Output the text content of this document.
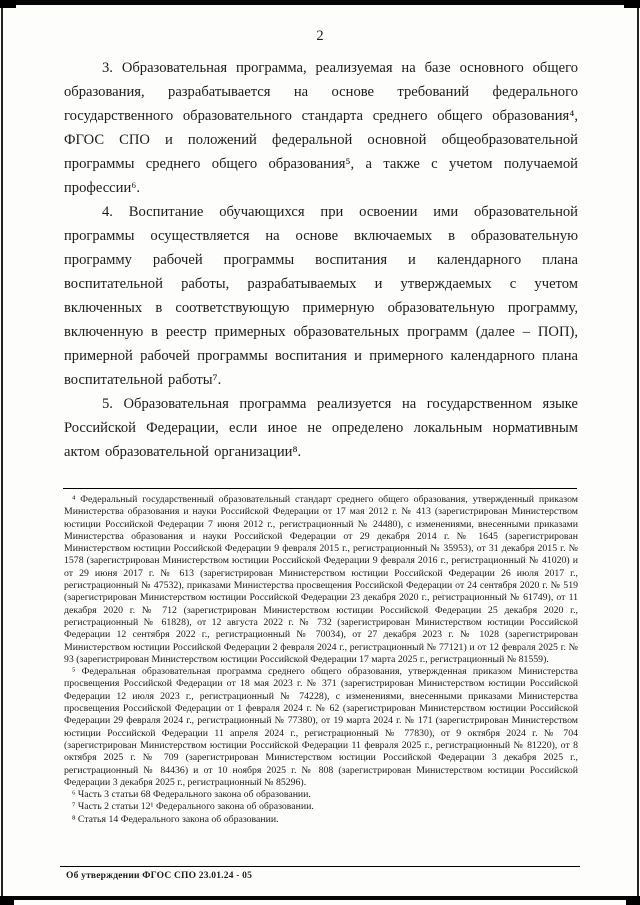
2

3. Образовательная программа, реализуемая на базе основного общего образования, разрабатывается на основе требований федерального государственного образовательного стандарта среднего общего образования⁴, ФГОС СПО и положений федеральной основной общеобразовательной программы среднего общего образования⁵, а также с учетом получаемой профессии⁶.

4. Воспитание обучающихся при освоении ими образовательной программы осуществляется на основе включаемых в образовательную программу рабочей программы воспитания и календарного плана воспитательной работы, разрабатываемых и утверждаемых с учетом включенных в соответствующую примерную образовательную программу, включенную в реестр примерных образовательных программ (далее – ПОП), примерной рабочей программы воспитания и примерного календарного плана воспитательной работы⁷.

5. Образовательная программа реализуется на государственном языке Российской Федерации, если иное не определено локальным нормативным актом образовательной организации⁸.

⁴ Федеральный государственный образовательный стандарт среднего общего образования, утвержденный приказом Министерства образования и науки Российской Федерации от 17 мая 2012 г. № 413 (зарегистрирован Министерством юстиции Российской Федерации 7 июня 2012 г., регистрационный № 24480), с изменениями, внесенными приказами Министерства образования и науки Российской Федерации от 29 декабря 2014 г. № 1645 (зарегистрирован Министерством юстиции Российской Федерации 9 февраля 2015 г., регистрационный № 35953), от 31 декабря 2015 г. № 1578 (зарегистрирован Министерством юстиции Российской Федерации 9 февраля 2016 г., регистрационный № 41020) и от 29 июня 2017 г. № 613 (зарегистрирован Министерством юстиции Российской Федерации 26 июля 2017 г., регистрационный № 47532), приказами Министерства просвещения Российской Федерации от 24 сентября 2020 г. № 519 (зарегистрирован Министерством юстиции Российской Федерации 23 декабря 2020 г., регистрационный № 61749), от 11 декабря 2020 г. № 712 (зарегистрирован Министерством юстиции Российской Федерации 25 декабря 2020 г., регистрационный № 61828), от 12 августа 2022 г. № 732 (зарегистрирован Министерством юстиции Российской Федерации 12 сентября 2022 г., регистрационный № 70034), от 27 декабря 2023 г. № 1028 (зарегистрирован Министерством юстиции Российской Федерации 2 февраля 2024 г., регистрационный № 77121) и от 12 февраля 2025 г. № 93 (зарегистрирован Министерством юстиции Российской Федерации 17 марта 2025 г., регистрационный № 81559).

⁵ Федеральная образовательная программа среднего общего образования, утвержденная приказом Министерства просвещения Российской Федерации от 18 мая 2023 г. № 371 (зарегистрирован Министерством юстиции Российской Федерации 12 июля 2023 г., регистрационный № 74228), с изменениями, внесенными приказами Министерства просвещения Российской Федерации от 1 февраля 2024 г. № 62 (зарегистрирован Министерством юстиции Российской Федерации 29 февраля 2024 г., регистрационный № 77380), от 19 марта 2024 г. № 171 (зарегистрирован Министерством юстиции Российской Федерации 11 апреля 2024 г., регистрационный № 77830), от 9 октября 2024 г. № 704 (зарегистрирован Министерством юстиции Российской Федерации 11 февраля 2025 г., регистрационный № 81220), от 8 октября 2025 г. № 709 (зарегистрирован Министерством юстиции Российской Федерации 3 декабря 2025 г., регистрационный № 84436) и от 10 ноября 2025 г. № 808 (зарегистрирован Министерством юстиции Российской Федерации 3 декабря 2025 г., регистрационный № 85296).

⁶ Часть 3 статьи 68 Федерального закона об образовании.

⁷ Часть 2 статьи 12¹ Федерального закона об образовании.

⁸ Статья 14 Федерального закона об образовании.

Об утверждении ФГОС СПО 23.01.24 - 05
